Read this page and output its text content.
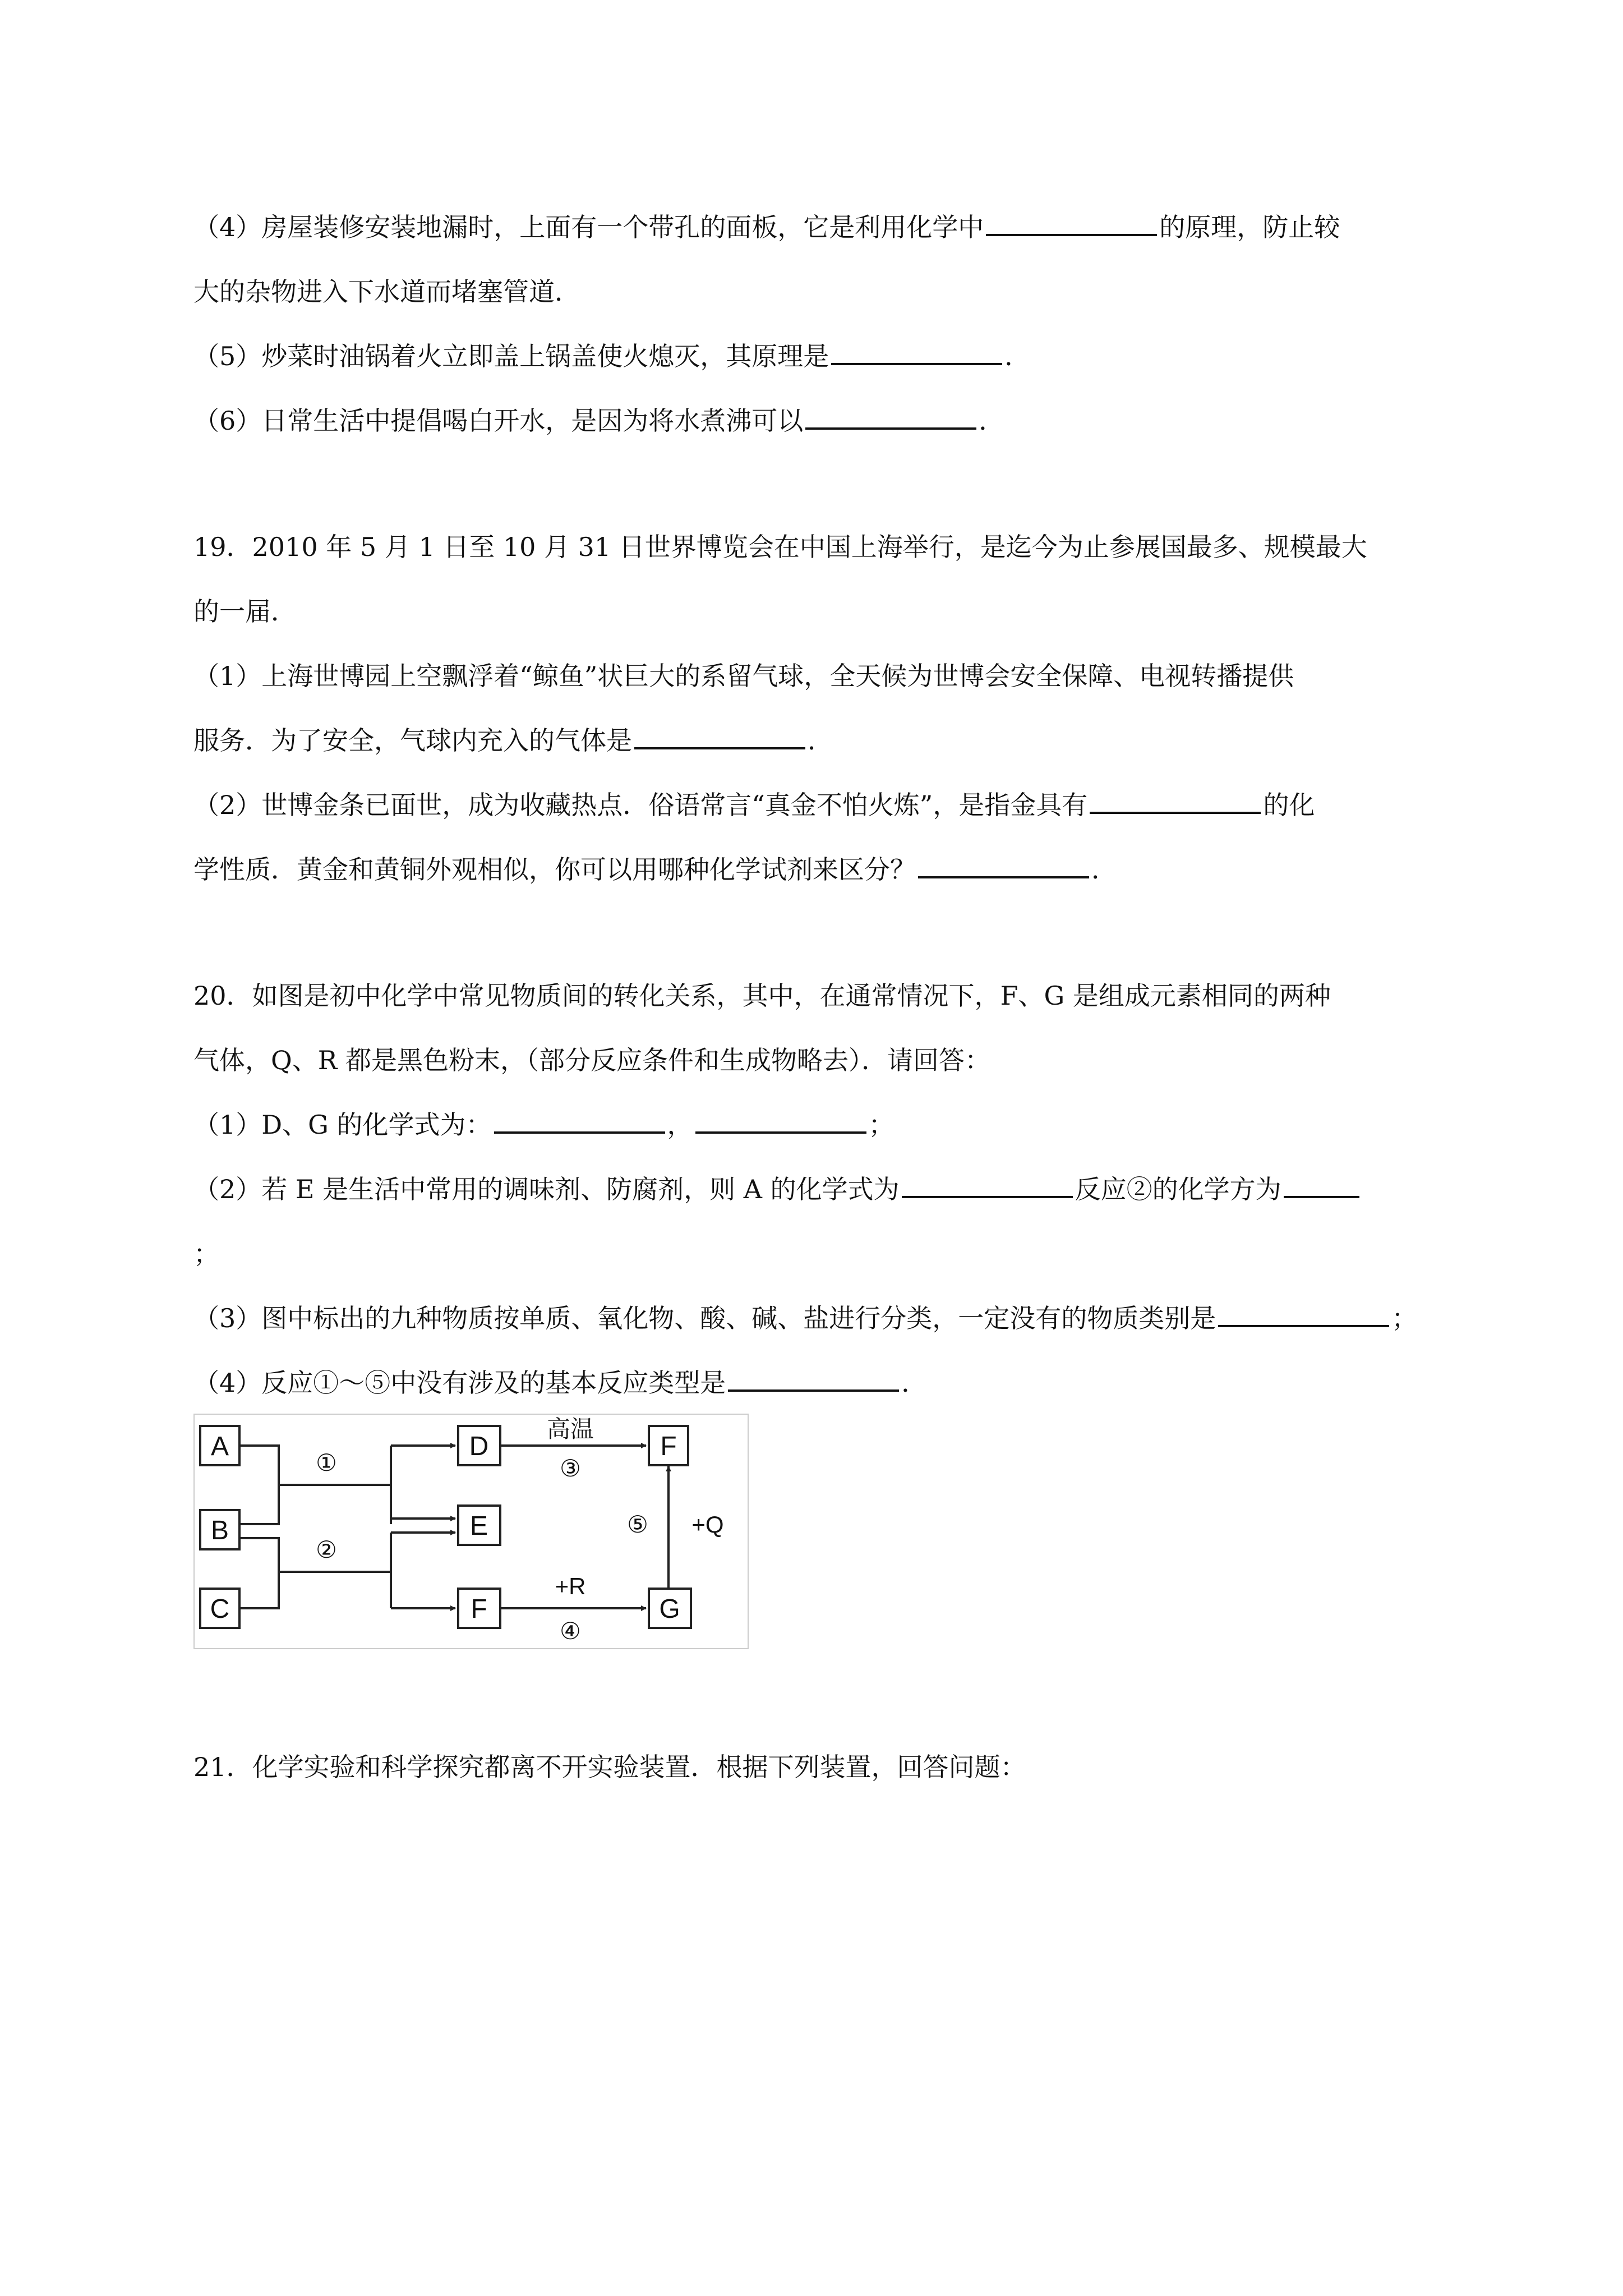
（4）房屋装修安装地漏时，上面有一个带孔的面板，它是利用化学中	的原理，防止较
大的杂物进入下水道而堵塞管道．
（5）炒菜时油锅着火立即盖上锅盖使火熄灭，其原理是	．
（6）日常生活中提倡喝白开水，是因为将水煮沸可以	．
19．2010 年 5 月 1 日至 10 月 31 日世界博览会在中国上海举行，是迄今为止参展国最多、规模最大
的一届．
（1）上海世博园上空飘浮着“鲸鱼”状巨大的系留气球，全天候为世博会安全保障、电视转播提供
服务．为了安全，气球内充入的气体是	．
（2）世博金条已面世，成为收藏热点．俗语常言“真金不怕火炼”，是指金具有	的化
学性质．黄金和黄铜外观相似，你可以用哪种化学试剂来区分？	．
20．如图是初中化学中常见物质间的转化关系，其中，在通常情况下，F、G 是组成元素相同的两种
气体，Q、R 都是黑色粉末，（部分反应条件和生成物略去）．请回答：
（1）D、G 的化学式为：	，	；
（2）若 E 是生活中常用的调味剂、防腐剂，则 A 的化学式为	反应②的化学方为
；
（3）图中标出的九种物质按单质、氧化物、酸、碱、盐进行分类，一定没有的物质类别是	；
（4）反应①～⑤中没有涉及的基本反应类型是	．
A
B
C
D
E
F
F
G
①
②
高温
③
+R
④
⑤ +Q
21．化学实验和科学探究都离不开实验装置．根据下列装置，回答问题：
